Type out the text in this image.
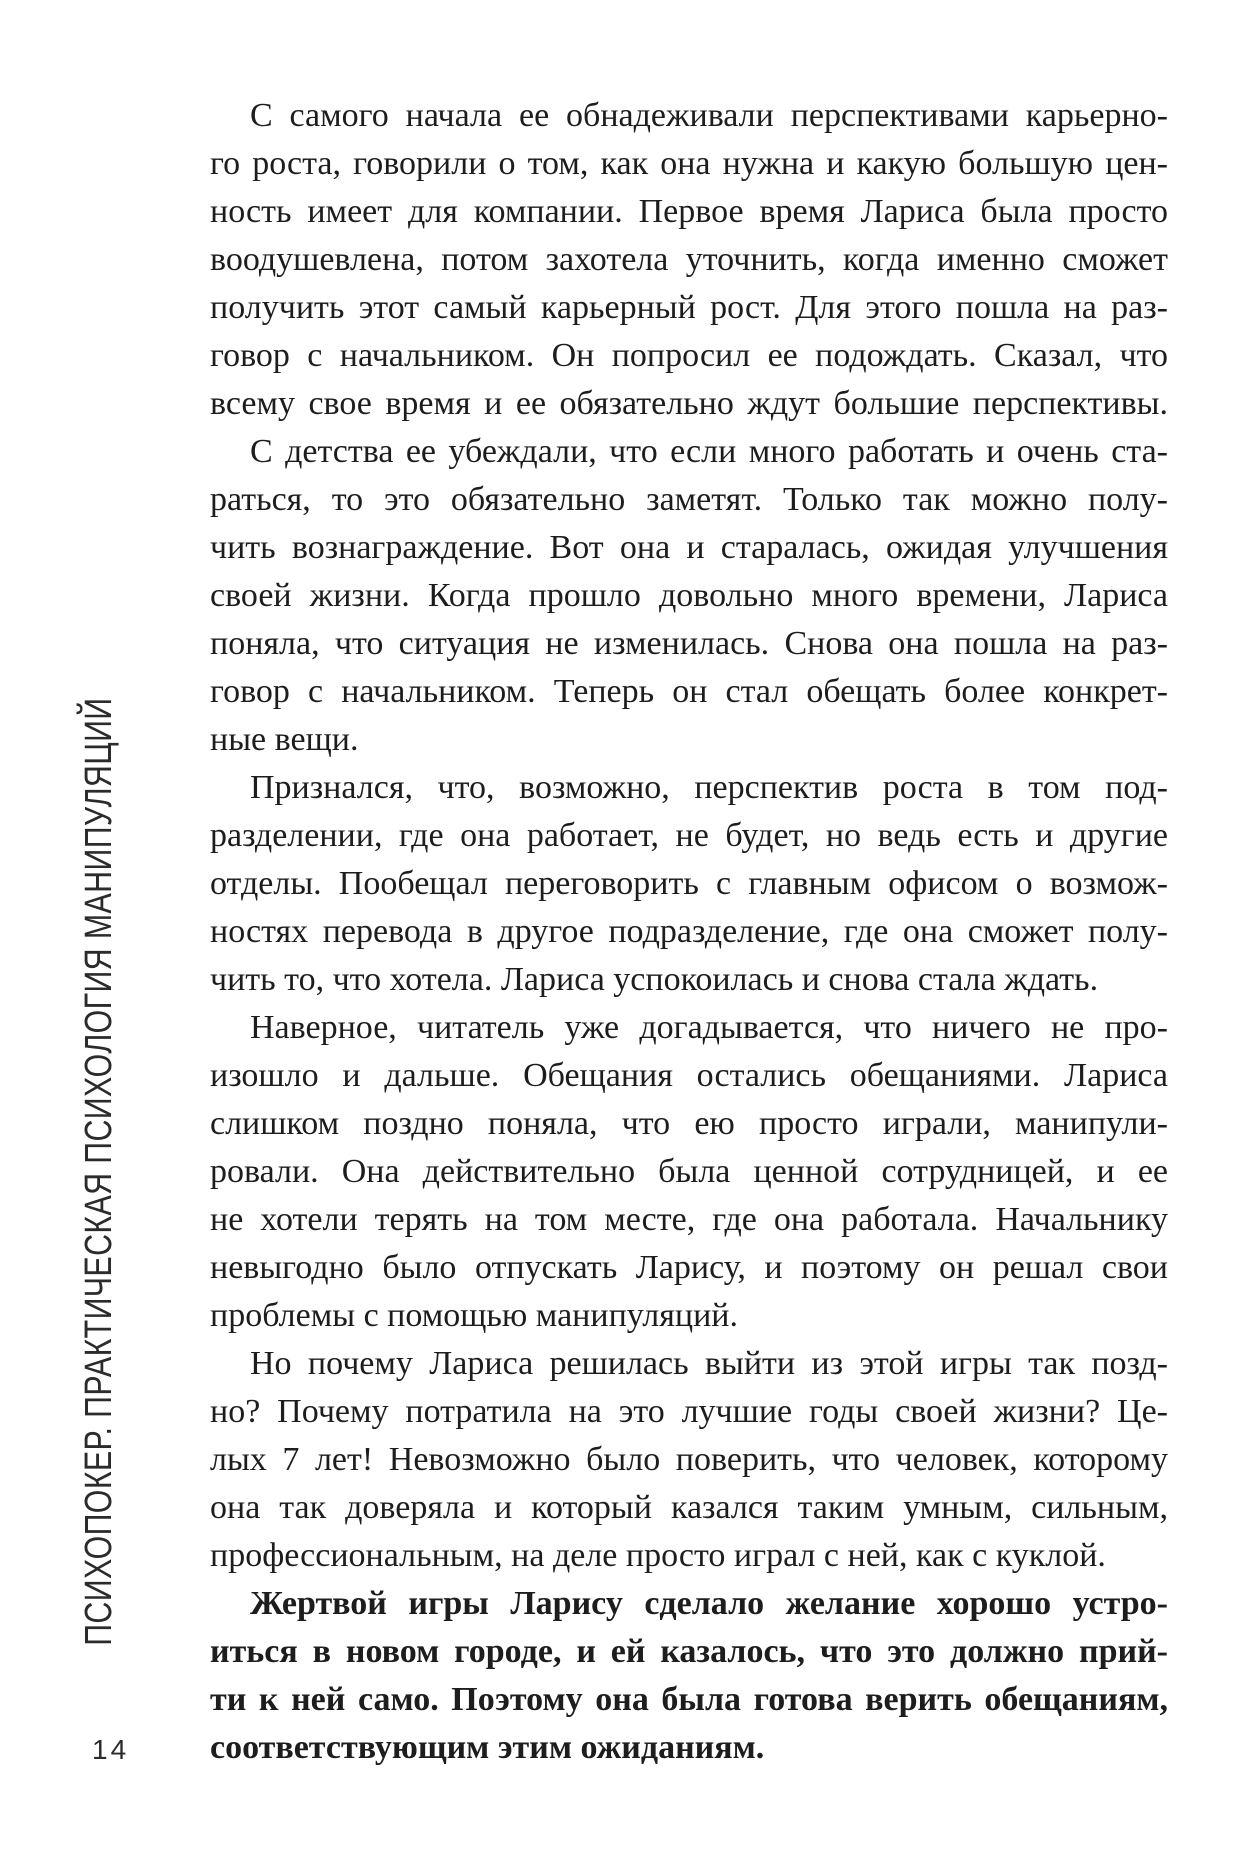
ПСИХОПОКЕР. ПРАКТИЧЕСКАЯ ПСИХОЛОГИЯ МАНИПУЛЯЦИЙ
14
С самого начала ее обнадеживали перспективами карьерно-
го роста, говорили о том, как она нужна и какую большую цен-
ность имеет для компании. Первое время Лариса была просто
воодушевлена, потом захотела уточнить, когда именно сможет
получить этот самый карьерный рост. Для этого пошла на раз-
говор с начальником. Он попросил ее подождать. Сказал, что
всему свое время и ее обязательно ждут большие перспективы.
С детства ее убеждали, что если много работать и очень ста-
раться, то это обязательно заметят. Только так можно полу-
чить вознаграждение. Вот она и старалась, ожидая улучшения
своей жизни. Когда прошло довольно много времени, Лариса
поняла, что ситуация не изменилась. Снова она пошла на раз-
говор с начальником. Теперь он стал обещать более конкрет-
ные вещи.
Признался, что, возможно, перспектив роста в том под-
разделении, где она работает, не будет, но ведь есть и другие
отделы. Пообещал переговорить с главным офисом о возмож-
ностях перевода в другое подразделение, где она сможет полу-
чить то, что хотела. Лариса успокоилась и снова стала ждать.
Наверное, читатель уже догадывается, что ничего не про-
изошло и дальше. Обещания остались обещаниями. Лариса
слишком поздно поняла, что ею просто играли, манипули-
ровали. Она действительно была ценной сотрудницей, и ее
не хотели терять на том месте, где она работала. Начальнику
невыгодно было отпускать Ларису, и поэтому он решал свои
проблемы с помощью манипуляций.
Но почему Лариса решилась выйти из этой игры так позд-
но? Почему потратила на это лучшие годы своей жизни? Це-
лых 7 лет! Невозможно было поверить, что человек, которому
она так доверяла и который казался таким умным, сильным,
профессиональным, на деле просто играл с ней, как с куклой.
Жертвой игры Ларису сделало желание хорошо устро-
иться в новом городе, и ей казалось, что это должно прий-
ти к ней само. Поэтому она была готова верить обещаниям,
соответствующим этим ожиданиям.
